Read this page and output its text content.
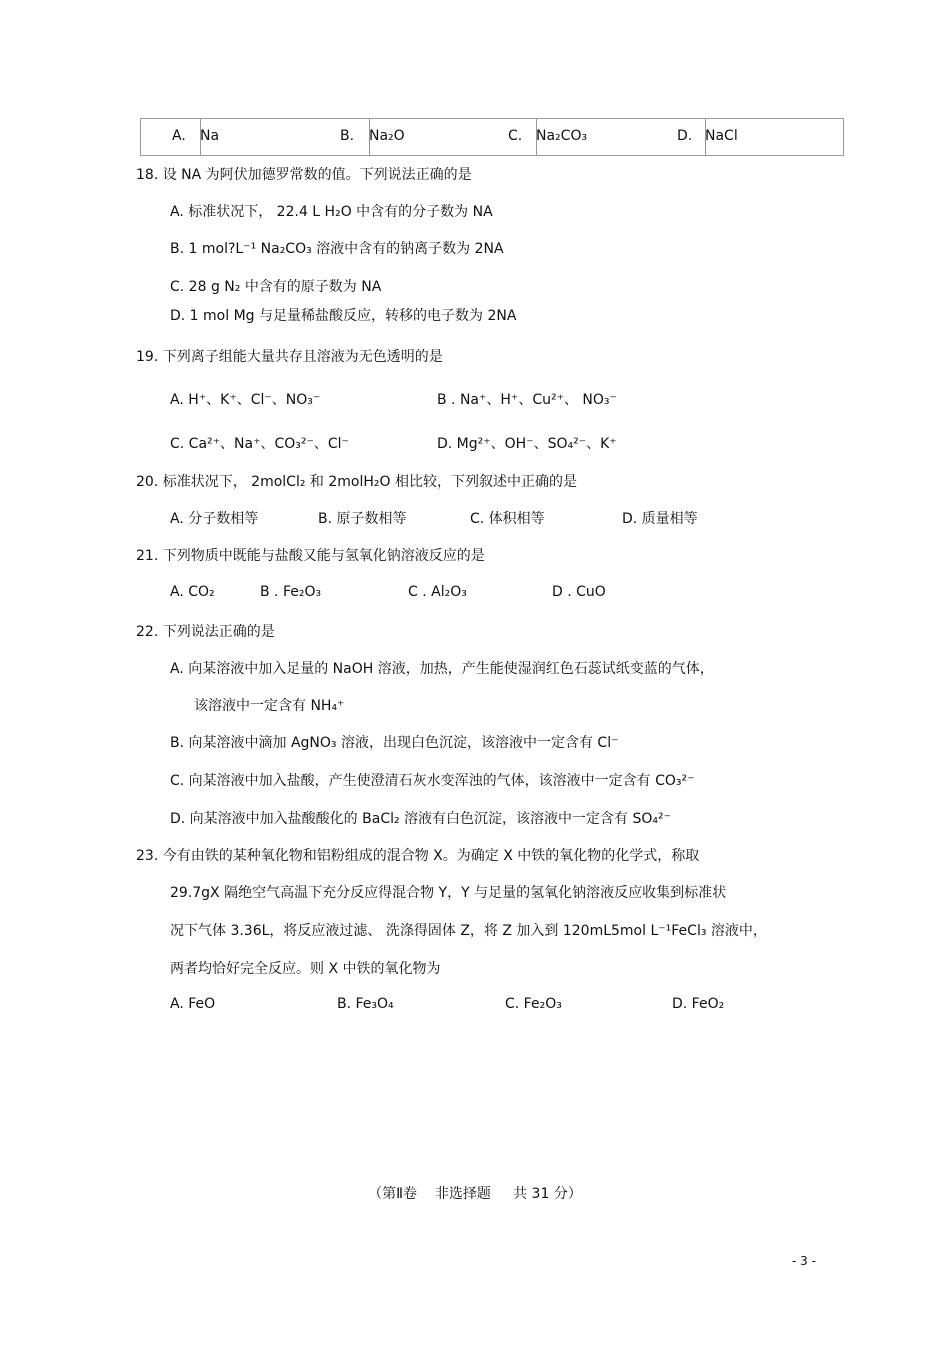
A. Na	B. Na₂O	C. Na₂CO₃	D. NaCl
18. 设 NA 为阿伏加德罗常数的值。下列说法正确的是
A. 标准状况下， 22.4 L H₂O 中含有的分子数为 NA
B. 1 mol?L⁻¹ Na₂CO₃ 溶液中含有的钠离子数为 2NA
C. 28 g N₂ 中含有的原子数为 NA
D. 1 mol Mg 与足量稀盐酸反应，转移的电子数为 2NA
19. 下列离子组能大量共存且溶液为无色透明的是
A. H⁺、K⁺、Cl⁻、NO₃⁻	B . Na⁺、H⁺、Cu²⁺、 NO₃⁻
C. Ca²⁺、Na⁺、CO₃²⁻、Cl⁻	D. Mg²⁺、OH⁻、SO₄²⁻、K⁺
20. 标准状况下， 2molCl₂ 和 2molH₂O 相比较，下列叙述中正确的是
A. 分子数相等	B. 原子数相等	C. 体积相等	D. 质量相等
21. 下列物质中既能与盐酸又能与氢氧化钠溶液反应的是
A. CO₂	B . Fe₂O₃	C . Al₂O₃	D . CuO
22. 下列说法正确的是
A. 向某溶液中加入足量的 NaOH 溶液，加热，产生能使湿润红色石蕊试纸变蓝的气体，
该溶液中一定含有 NH₄⁺
B. 向某溶液中滴加 AgNO₃ 溶液，出现白色沉淀，该溶液中一定含有 Cl⁻
C. 向某溶液中加入盐酸，产生使澄清石灰水变浑浊的气体，该溶液中一定含有 CO₃²⁻
D. 向某溶液中加入盐酸酸化的 BaCl₂ 溶液有白色沉淀，该溶液中一定含有 SO₄²⁻
23. 今有由铁的某种氧化物和铝粉组成的混合物 X。为确定 X 中铁的氧化物的化学式，称取
29.7gX 隔绝空气高温下充分反应得混合物 Y，Y 与足量的氢氧化钠溶液反应收集到标准状
况下气体 3.36L，将反应液过滤、 洗涤得固体 Z，将 Z 加入到 120mL5mol L⁻¹FeCl₃ 溶液中，
两者均恰好完全反应。则 X 中铁的氧化物为
A. FeO	B. Fe₃O₄	C. Fe₂O₃	D. FeO₂
（第Ⅱ卷    非选择题     共 31 分）
- 3 -
